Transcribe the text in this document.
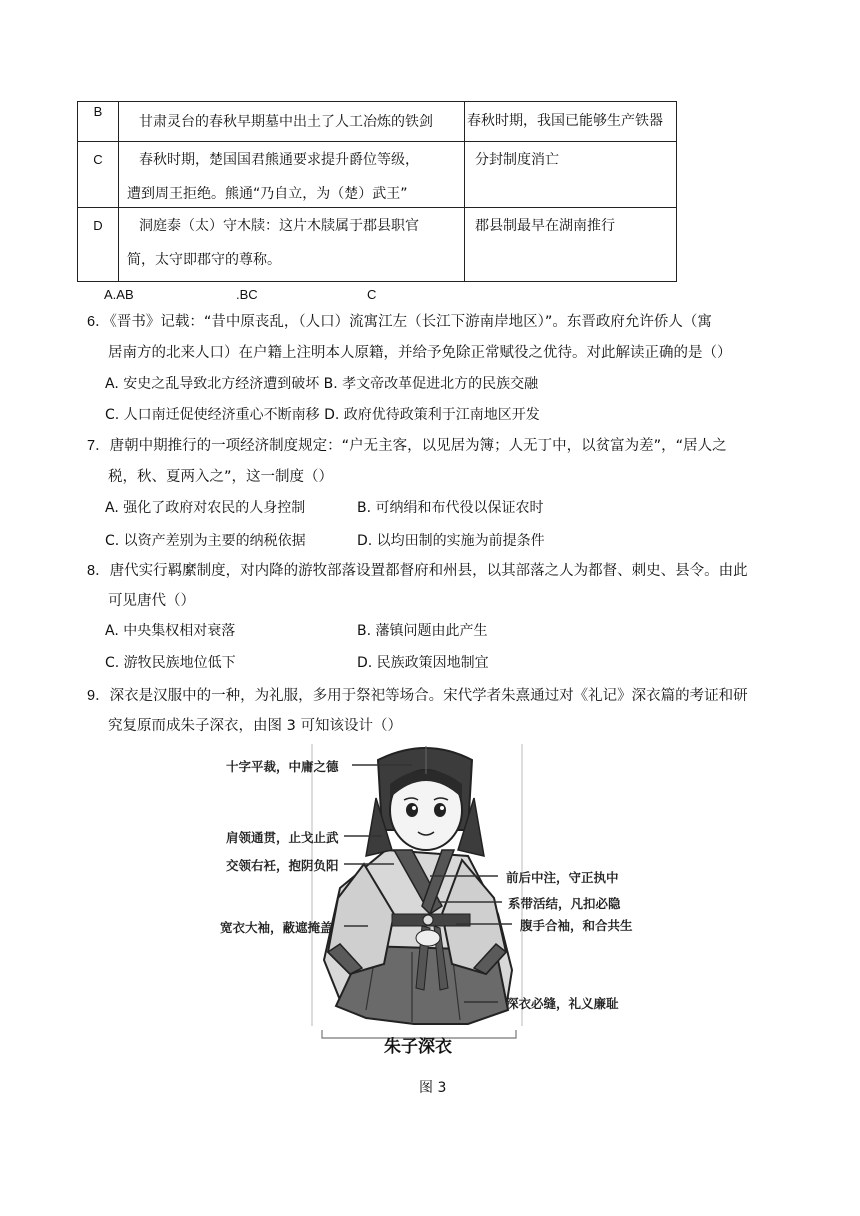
B	甘肃灵台的春秋早期墓中出土了人工冶炼的铁剑	春秋时期，我国已能够生产铁器

C	春秋时期，楚国国君熊通要求提升爵位等级，
遭到周王拒绝。熊通“乃自立，为（楚）武王”	分封制度消亡

D	洞庭泰（太）守木牍：这片木牍属于郡县职官
简，太守即郡守的尊称。	郡县制最早在湖南推行
A.AB	.BC	C
6．《晋书》记载：“昔中原丧乱，（人口）流寓江左（长江下游南岸地区）”。东晋政府允许侨人（寓
居南方的北来人口）在户籍上注明本人原籍，并给予免除正常赋役之优待。对此解读正确的是（）
A. 安史之乱导致北方经济遭到破坏 B. 孝文帝改革促进北方的民族交融
C. 人口南迁促使经济重心不断南移 D. 政府优待政策利于江南地区开发
7．唐朝中期推行的一项经济制度规定：“户无主客，以见居为簿；人无丁中，以贫富为差”，“居人之
税，秋、夏两入之”，这一制度（）
A. 强化了政府对农民的人身控制	B. 可纳绢和布代役以保证农时
C. 以资产差别为主要的纳税依据	D. 以均田制的实施为前提条件
8．唐代实行羁縻制度，对内降的游牧部落设置都督府和州县，以其部落之人为都督、刺史、县令。由此
可见唐代（）
A. 中央集权相对衰落	B. 藩镇问题由此产生
C. 游牧民族地位低下	D. 民族政策因地制宜
9．深衣是汉服中的一种，为礼服，多用于祭祀等场合。宋代学者朱熹通过对《礼记》深衣篇的考证和研
究复原而成朱子深衣，由图 3 可知该设计（）
十字平裁，中庸之德
肩领通贯，止戈止武
交领右衽，抱阴负阳
宽衣大袖，蔽遮掩盖
前后中注，守正执中
系带活结，凡扣必隐
腹手合袖，和合共生
深衣必缝，礼义廉耻
朱子深衣
图 3
